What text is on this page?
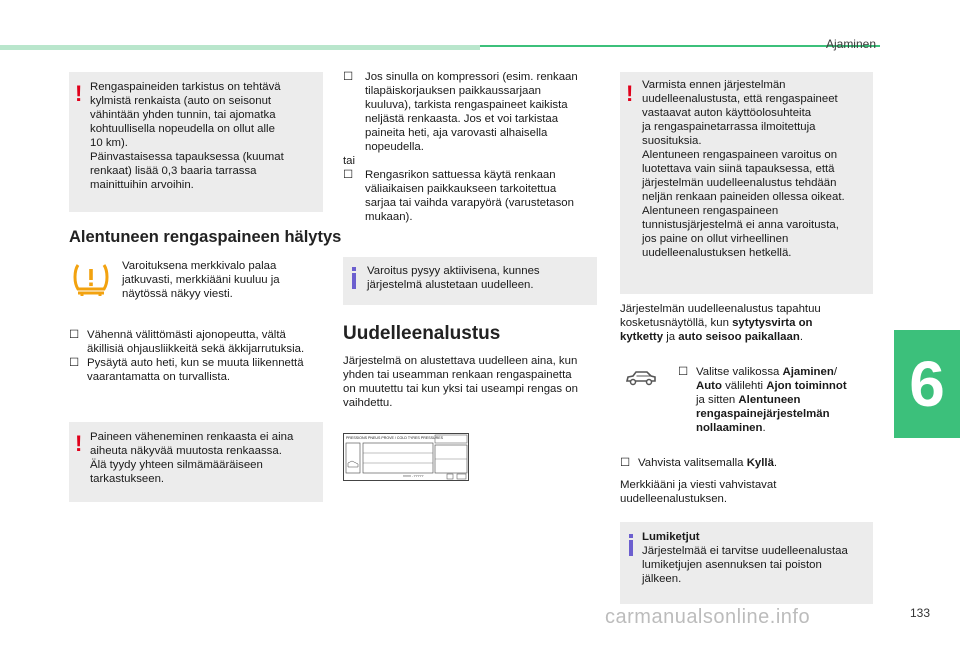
Ajaminen
6
! Rengaspaineiden tarkistus on tehtävä
kylmistä renkaista (auto on seisonut
vähintään yhden tunnin, tai ajomatka
kohtuullisella nopeudella on ollut alle
10 km).
Päinvastaisessa tapauksessa (kuumat
renkaat) lisää 0,3 baaria tarrassa
mainittuihin arvoihin.
Alentuneen rengaspaineen hälytys
Varoituksena merkkivalo palaa
jatkuvasti, merkkiääni kuuluu ja
näytössä näkyy viesti.
☐ Vähennä välittömästi ajonopeutta, vältä
äkillisiä ohjausliikkeitä sekä äkkijarrutuksia.
☐ Pysäytä auto heti, kun se muuta liikennettä
vaarantamatta on turvallista.
! Paineen väheneminen renkaasta ei aina
aiheuta näkyvää muutosta renkaassa.
Älä tyydy yhteen silmämääräiseen
tarkastukseen.
☐ Jos sinulla on kompressori (esim. renkaan
tilapäiskorjauksen paikkaussarjaan
kuuluva), tarkista rengaspaineet kaikista
neljästä renkaasta. Jos et voi tarkistaa
paineita heti, aja varovasti alhaisella
nopeudella.
tai
☐ Rengasrikon sattuessa käytä renkaan
väliaikaisen paikkaukseen tarkoitettua
sarjaa tai vaihda varapyörä (varustetason
mukaan).
Varoitus pysyy aktiivisena, kunnes
järjestelmä alustetaan uudelleen.
Uudelleenalustus
Järjestelmä on alustettava uudelleen aina, kun
yhden tai useamman renkaan rengaspainetta
on muutettu tai kun yksi tai useampi rengas on
vaihdettu.
PRESSIONS PNEUS PROVE / COLD TYRES PRESSURES
XXXX - YYYYY
! Varmista ennen järjestelmän
uudelleenalustusta, että rengaspaineet
vastaavat auton käyttöolosuhteita
ja rengaspainetarrassa ilmoitettuja
suosituksia.
Alentuneen rengaspaineen varoitus on
luotettava vain siinä tapauksessa, että
järjestelmän uudelleenalustus tehdään
neljän renkaan paineiden ollessa oikeat.
Alentuneen rengaspaineen
tunnistusjärjestelmä ei anna varoitusta,
jos paine on ollut virheellinen
uudelleenalustuksen hetkellä.
Järjestelmän uudelleenalustus tapahtuu
kosketusnäytöllä, kun sytytysvirta on
kytketty ja auto seisoo paikallaan.
☐ Valitse valikossa Ajaminen/
Auto välilehti Ajon toiminnot
ja sitten Alentuneen
rengaspainejärjestelmän
nollaaminen.
☐ Vahvista valitsemalla Kyllä.
Merkkiääni ja viesti vahvistavat
uudelleenalustuksen.
Lumiketjut
Järjestelmää ei tarvitse uudelleenalustaa
lumiketjujen asennuksen tai poiston
jälkeen.
133
carmanualsonline.info
